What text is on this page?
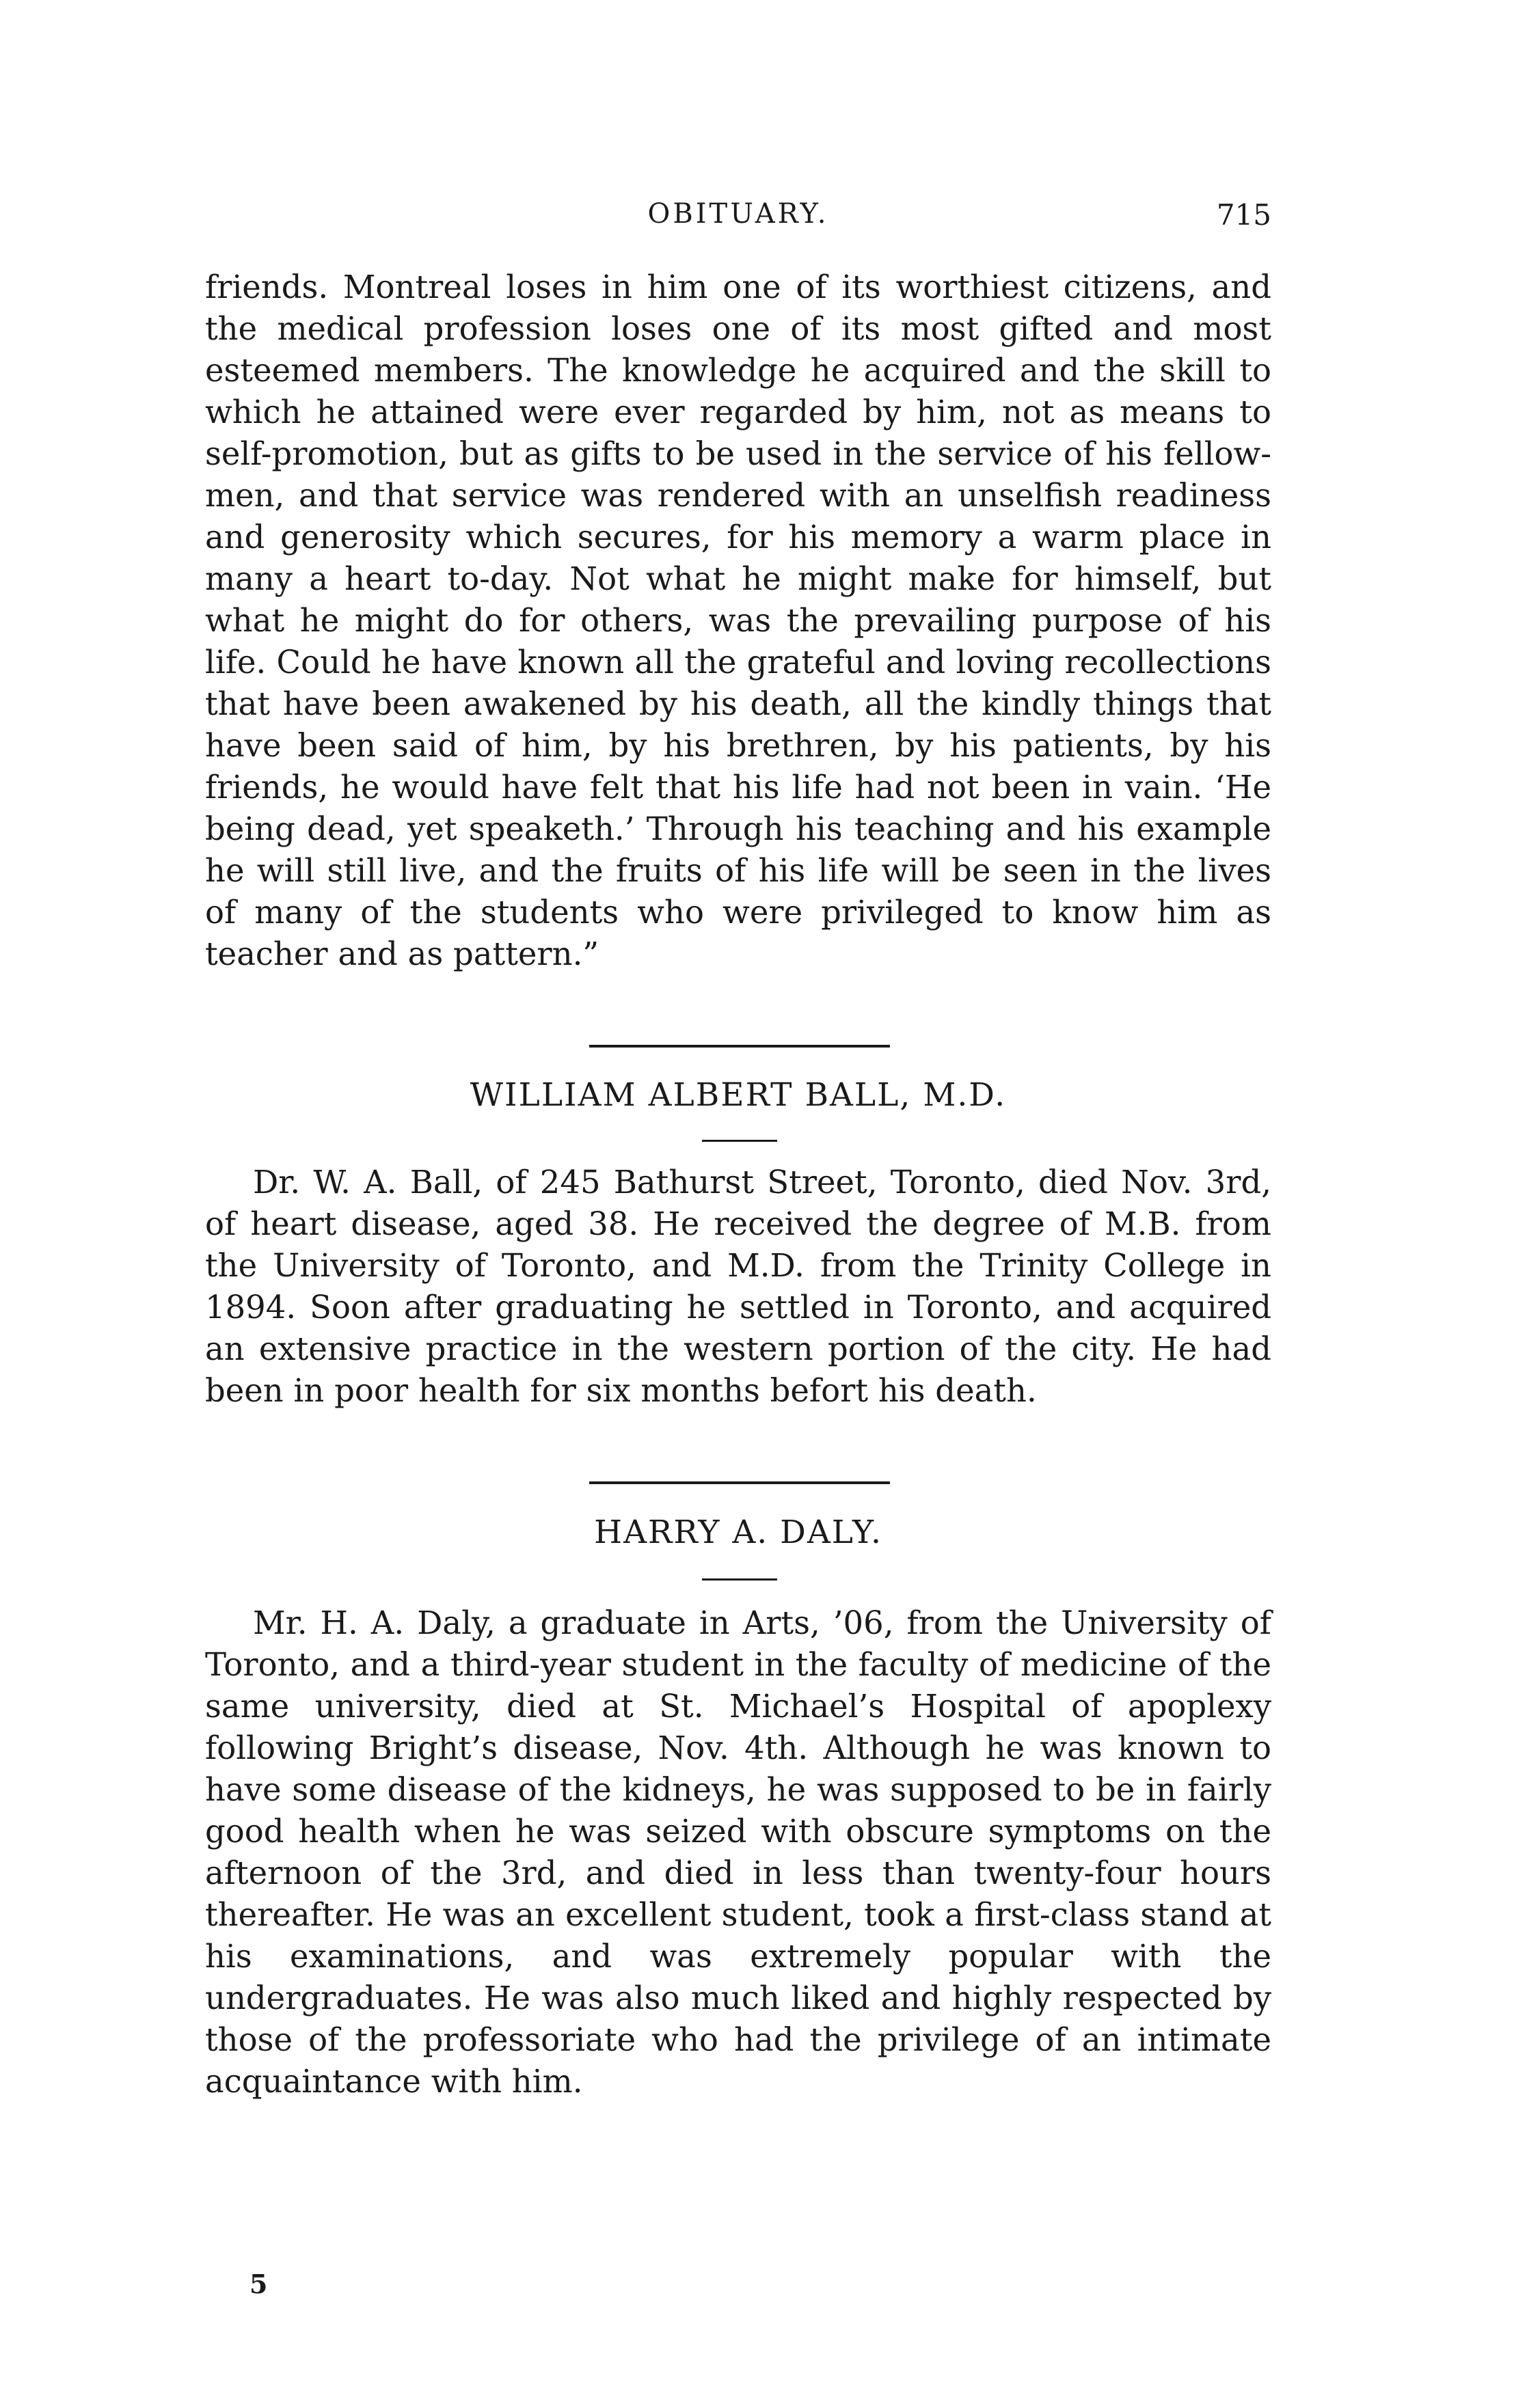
OBITUARY.	715

friends. Montreal loses in him one of its worthiest citizens, and the medical profession loses one of its most gifted and most esteemed members. The knowledge he acquired and the skill to which he attained were ever regarded by him, not as means to self-promotion, but as gifts to be used in the service of his fellow-men, and that service was rendered with an unselfish readiness and generosity which secures, for his memory a warm place in many a heart to-day. Not what he might make for himself, but what he might do for others, was the prevailing purpose of his life. Could he have known all the grateful and loving recollections that have been awakened by his death, all the kindly things that have been said of him, by his brethren, by his patients, by his friends, he would have felt that his life had not been in vain. ‘He being dead, yet speaketh.’ Through his teaching and his example he will still live, and the fruits of his life will be seen in the lives of many of the students who were privileged to know him as teacher and as pattern.”

WILLIAM ALBERT BALL, M.D.

Dr. W. A. Ball, of 245 Bathurst Street, Toronto, died Nov. 3rd, of heart disease, aged 38. He received the degree of M.B. from the University of Toronto, and M.D. from the Trinity College in 1894. Soon after graduating he settled in Toronto, and acquired an extensive practice in the western portion of the city. He had been in poor health for six months befort his death.

HARRY A. DALY.

Mr. H. A. Daly, a graduate in Arts, ’06, from the University of Toronto, and a third-year student in the faculty of medicine of the same university, died at St. Michael’s Hospital of apoplexy following Bright’s disease, Nov. 4th. Although he was known to have some disease of the kidneys, he was supposed to be in fairly good health when he was seized with obscure symptoms on the afternoon of the 3rd, and died in less than twenty-four hours thereafter. He was an excellent student, took a first-class stand at his examinations, and was extremely popular with the undergraduates. He was also much liked and highly respected by those of the professoriate who had the privilege of an intimate acquaintance with him.

5
